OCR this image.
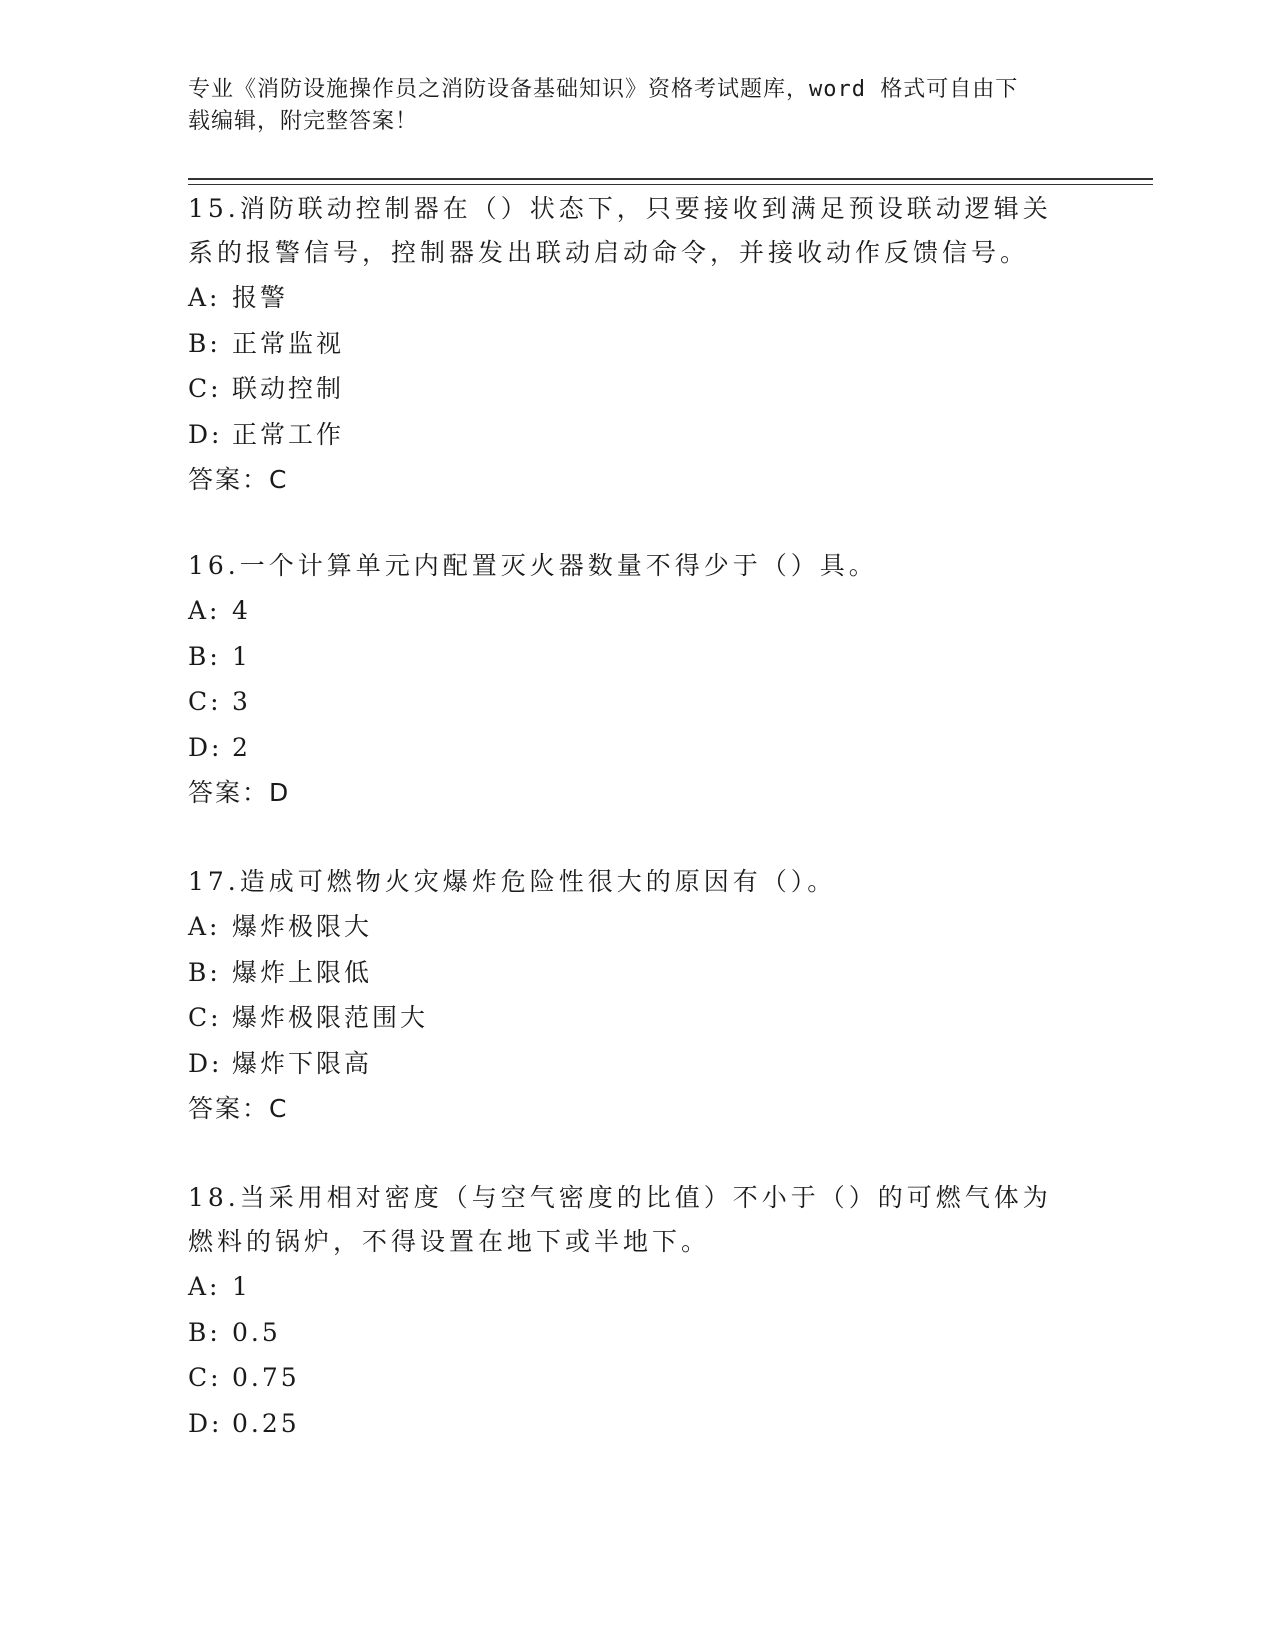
专业《消防设施操作员之消防设备基础知识》资格考试题库，word 格式可自由下
载编辑，附完整答案！

15.消防联动控制器在（）状态下，只要接收到满足预设联动逻辑关系的报警信号，控制器发出联动启动命令，并接收动作反馈信号。

A: 报警

B: 正常监视

C: 联动控制

D: 正常工作

答案：C

16.一个计算单元内配置灭火器数量不得少于（）具。

A: 4

B: 1

C: 3

D: 2

答案：D

17.造成可燃物火灾爆炸危险性很大的原因有（）。

A: 爆炸极限大

B: 爆炸上限低

C: 爆炸极限范围大

D: 爆炸下限高

答案：C

18.当采用相对密度（与空气密度的比值）不小于（）的可燃气体为燃料的锅炉，不得设置在地下或半地下。

A: 1

B: 0.5

C: 0.75

D: 0.25
